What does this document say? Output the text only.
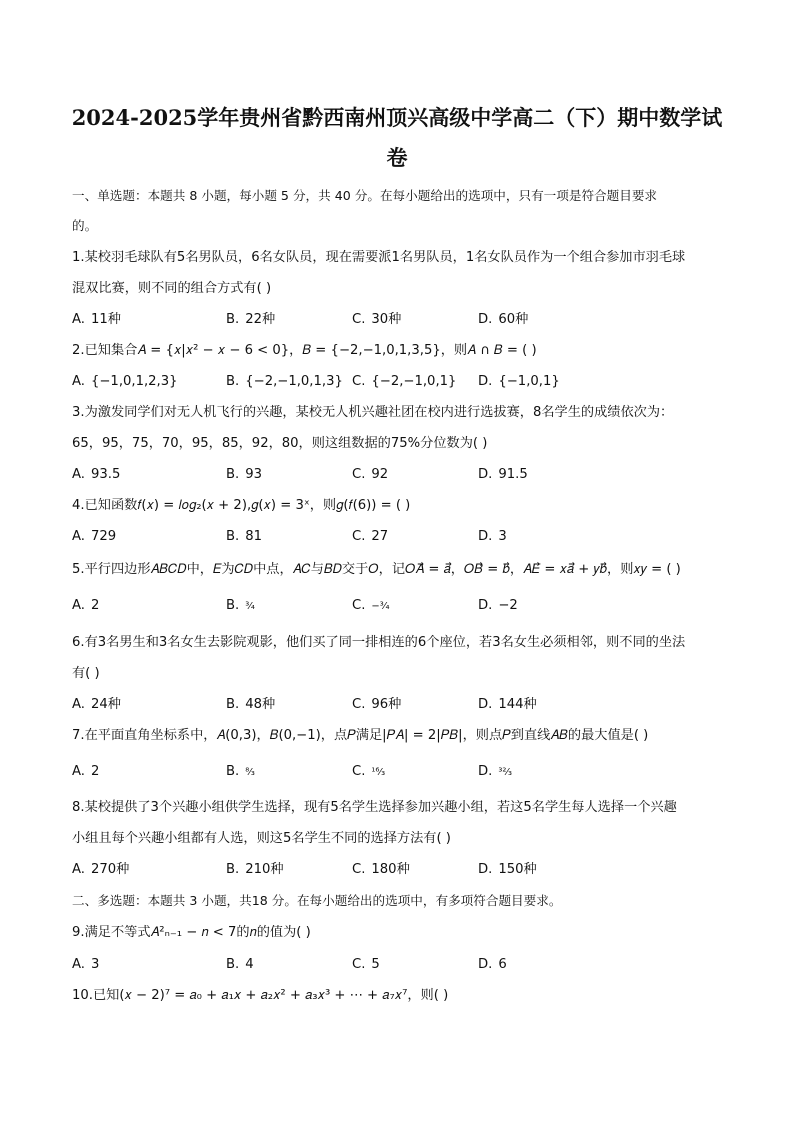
2024-2025学年贵州省黔西南州顶兴高级中学高二（下）期中数学试
卷
一、单选题：本题共 8 小题，每小题 5 分，共 40 分。在每小题给出的选项中，只有一项是符合题目要求
的。
1.某校羽毛球队有5名男队员，6名女队员，现在需要派1名男队员，1名女队员作为一个组合参加市羽毛球
混双比赛，则不同的组合方式有( )
A. 11种	B. 22种	C. 30种	D. 60种
2.已知集合𝐴 = {𝑥|𝑥² − 𝑥 − 6 < 0}，𝐵 = {−2,−1,0,1,3,5}，则𝐴 ∩ 𝐵 = ( )
A. {−1,0,1,2,3}	B. {−2,−1,0,1,3} C. {−2,−1,0,1} D. {−1,0,1}
3.为激发同学们对无人机飞行的兴趣，某校无人机兴趣社团在校内进行选拔赛，8名学生的成绩依次为：
65，95，75，70，95，85，92，80，则这组数据的75%分位数为( )
A. 93.5	B. 93	C. 92	D. 91.5
4.已知函数𝑓(𝑥) = 𝑙𝑜𝑔₂(𝑥 + 2),𝑔(𝑥) = 3ˣ，则𝑔(𝑓(6)) = ( )
A. 729	B. 81	C. 27	D. 3
5.平行四边形𝐴𝐵𝐶𝐷中，𝐸为𝐶𝐷中点，𝐴𝐶与𝐵𝐷交于𝑂，记𝑂𝐴⃗ = 𝑎⃗，𝑂𝐵⃗ = 𝑏⃗，𝐴𝐸⃗ = 𝑥𝑎⃗ + 𝑦𝑏⃗，则𝑥𝑦 = ( )
A. 2	B. ³⁄₄	C. −³⁄₄	D. −2
6.有3名男生和3名女生去影院观影，他们买了同一排相连的6个座位，若3名女生必须相邻，则不同的坐法
有( )
A. 24种	B. 48种	C. 96种	D. 144种
7.在平面直角坐标系中，𝐴(0,3)，𝐵(0,−1)，点𝑃满足|𝑃𝐴| = 2|𝑃𝐵|，则点𝑃到直线𝐴𝐵的最大值是( )
A. 2	B. ⁸⁄₃	C. ¹⁶⁄₃	D. ³²⁄₃
8.某校提供了3个兴趣小组供学生选择，现有5名学生选择参加兴趣小组，若这5名学生每人选择一个兴趣
小组且每个兴趣小组都有人选，则这5名学生不同的选择方法有( )
A. 270种	B. 210种	C. 180种	D. 150种
二、多选题：本题共 3 小题，共18 分。在每小题给出的选项中，有多项符合题目要求。
9.满足不等式𝐴²ₙ₋₁ − 𝑛 < 7的𝑛的值为( )
A. 3	B. 4	C. 5	D. 6
10.已知(𝑥 − 2)⁷ = 𝑎₀ + 𝑎₁𝑥 + 𝑎₂𝑥² + 𝑎₃𝑥³ + ⋯ + 𝑎₇𝑥⁷，则( )
